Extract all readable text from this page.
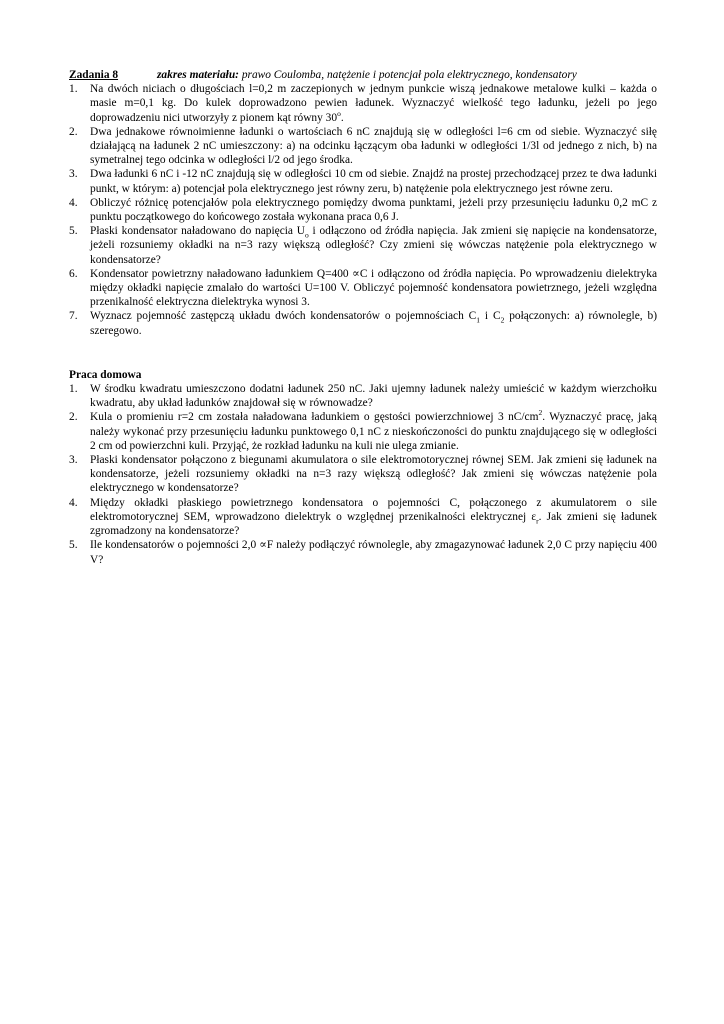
Zadania 8	zakres materiału: prawo Coulomba, natężenie i potencjał pola elektrycznego, kondensatory
1. Na dwóch niciach o długościach l=0,2 m zaczepionych w jednym punkcie wiszą jednakowe metalowe kulki – każda o masie m=0,1 kg. Do kulek doprowadzono pewien ładunek. Wyznaczyć wielkość tego ładunku, jeżeli po jego doprowadzeniu nici utworzyły z pionem kąt równy 30$^o$.
2. Dwa jednakowe równoimienne ładunki o wartościach 6 nC znajdują się w odległości l=6 cm od siebie. Wyznaczyć siłę działającą na ładunek 2 nC umieszczony: a) na odcinku łączącym oba ładunki w odległości 1/3l od jednego z nich, b) na symetralnej tego odcinka w odległości l/2 od jego środka.
3. Dwa ładunki 6 nC i -12 nC znajdują się w odległości 10 cm od siebie. Znajdź na prostej przechodzącej przez te dwa ładunki punkt, w którym: a) potencjał pola elektrycznego jest równy zeru, b) natężenie pola elektrycznego jest równe zeru.
4. Obliczyć różnicę potencjałów pola elektrycznego pomiędzy dwoma punktami, jeżeli przy przesunięciu ładunku 0,2 mC z punktu początkowego do końcowego została wykonana praca 0,6 J.
5. Płaski kondensator naładowano do napięcia $U_o$ i odłączono od źródła napięcia. Jak zmieni się napięcie na kondensatorze, jeżeli rozsuniemy okładki na n=3 razy większą odległość? Czy zmieni się wówczas natężenie pola elektrycznego w kondensatorze?
6. Kondensator powietrzny naładowano ładunkiem Q=400 ∝C i odłączono od źródła napięcia. Po wprowadzeniu dielektryka między okładki napięcie zmalało do wartości U=100 V. Obliczyć pojemność kondensatora powietrznego, jeżeli względna przenikalność elektryczna dielektryka wynosi 3.
7. Wyznacz pojemność zastępczą układu dwóch kondensatorów o pojemnościach $C_1$ i $C_2$ połączonych: a) równolegle, b) szeregowo.
Praca domowa
1. W środku kwadratu umieszczono dodatni ładunek 250 nC. Jaki ujemny ładunek należy umieścić w każdym wierzchołku kwadratu, aby układ ładunków znajdował się w równowadze?
2. Kula o promieniu r=2 cm została naładowana ładunkiem o gęstości powierzchniowej 3 $nC/cm^2$. Wyznaczyć pracę, jaką należy wykonać przy przesunięciu ładunku punktowego 0,1 nC z nieskończoności do punktu znajdującego się w odległości 2 cm od powierzchni kuli. Przyjąć, że rozkład ładunku na kuli nie ulega zmianie.
3. Płaski kondensator połączono z biegunami akumulatora o sile elektromotorycznej równej SEM. Jak zmieni się ładunek na kondensatorze, jeżeli rozsuniemy okładki na n=3 razy większą odległość? Jak zmieni się wówczas natężenie pola elektrycznego w kondensatorze?
4. Między okładki płaskiego powietrznego kondensatora o pojemności C, połączonego z akumulatorem o sile elektromotorycznej SEM, wprowadzono dielektryk o względnej przenikalności elektrycznej $\varepsilon_r$. Jak zmieni się ładunek zgromadzony na kondensatorze?
5. Ile kondensatorów o pojemności 2,0 ∝F należy podłączyć równolegle, aby zmagazynować ładunek 2,0 C przy napięciu 400 V?
